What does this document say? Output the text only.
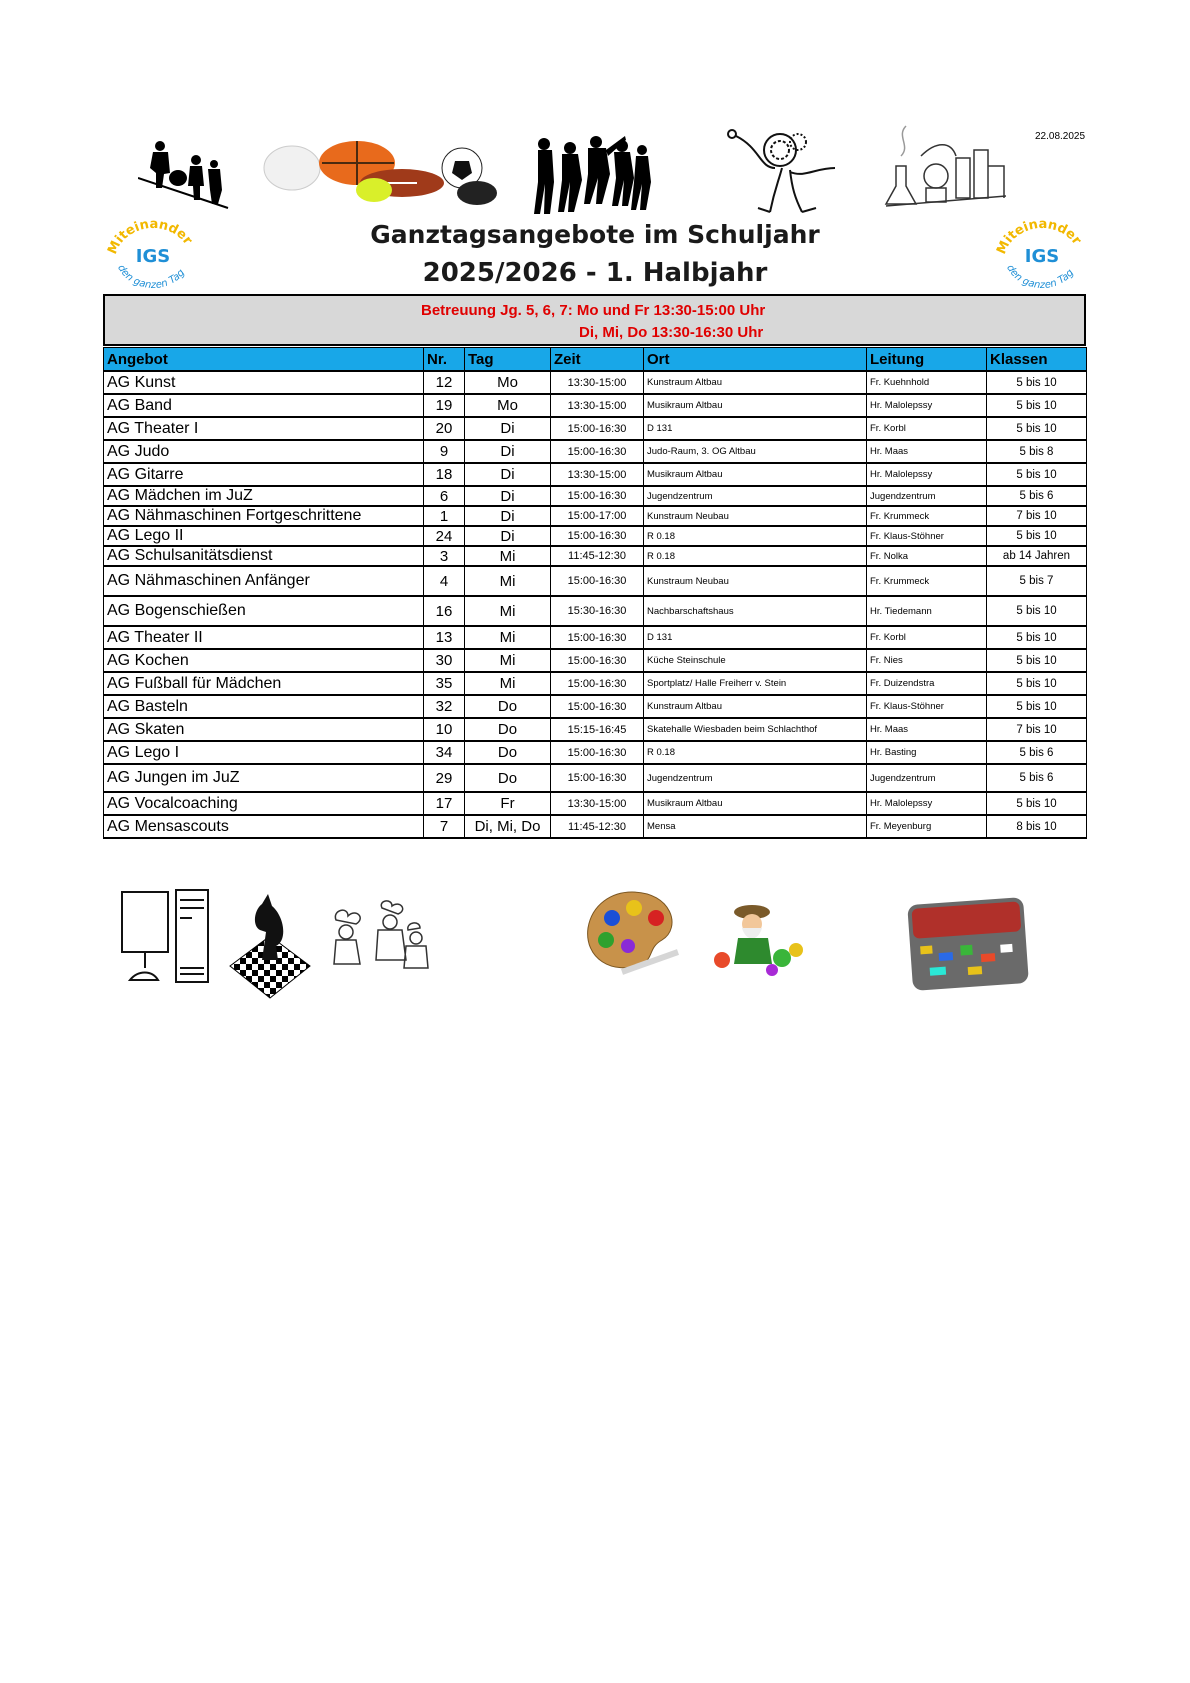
22.08.2025
Miteinander
IGS
den ganzen Tag
Miteinander
IGS
den ganzen Tag
Ganztagsangebote im Schuljahr
2025/2026 - 1. Halbjahr
Betreuung Jg. 5, 6, 7: Mo und Fr 13:30-15:00 Uhr
Di, Mi, Do 13:30-16:30 Uhr
Angebot	Nr.	Tag	Zeit	Ort	Leitung	Klassen
AG Kunst	12	Mo	13:30-15:00	Kunstraum Altbau	Fr. Kuehnhold	5 bis 10
AG Band	19	Mo	13:30-15:00	Musikraum Altbau	Hr. Malolepssy	5 bis 10
AG Theater I	20	Di	15:00-16:30	D 131	Fr. Korbl	5 bis 10
AG Judo	9	Di	15:00-16:30	Judo-Raum, 3. OG Altbau	Hr. Maas	5 bis 8
AG Gitarre	18	Di	13:30-15:00	Musikraum Altbau	Hr. Malolepssy	5 bis 10
AG Mädchen im JuZ	6	Di	15:00-16:30	Jugendzentrum	Jugendzentrum	5 bis 6
AG Nähmaschinen Fortgeschrittene	1	Di	15:00-17:00	Kunstraum Neubau	Fr. Krummeck	7 bis 10
AG Lego II	24	Di	15:00-16:30	R 0.18	Fr. Klaus-Stöhner	5 bis 10
AG Schulsanitätsdienst	3	Mi	11:45-12:30	R 0.18	Fr. Nolka	ab 14 Jahren
AG Nähmaschinen Anfänger	4	Mi	15:00-16:30	Kunstraum Neubau	Fr. Krummeck	5 bis 7
AG Bogenschießen	16	Mi	15:30-16:30	Nachbarschaftshaus	Hr. Tiedemann	5 bis 10
AG Theater II	13	Mi	15:00-16:30	D 131	Fr. Korbl	5 bis 10
AG Kochen	30	Mi	15:00-16:30	Küche Steinschule	Fr. Nies	5 bis 10
AG Fußball für Mädchen	35	Mi	15:00-16:30	Sportplatz/ Halle Freiherr v. Stein	Fr. Duizendstra	5 bis 10
AG Basteln	32	Do	15:00-16:30	Kunstraum Altbau	Fr. Klaus-Stöhner	5 bis 10
AG Skaten	10	Do	15:15-16:45	Skatehalle Wiesbaden beim Schlachthof	Hr. Maas	7 bis 10
AG Lego I	34	Do	15:00-16:30	R 0.18	Hr. Basting	5 bis 6
AG Jungen im JuZ	29	Do	15:00-16:30	Jugendzentrum	Jugendzentrum	5 bis 6
AG Vocalcoaching	17	Fr	13:30-15:00	Musikraum Altbau	Hr. Malolepssy	5 bis 10
AG Mensascouts	7	Di, Mi, Do	11:45-12:30	Mensa	Fr. Meyenburg	8 bis 10
